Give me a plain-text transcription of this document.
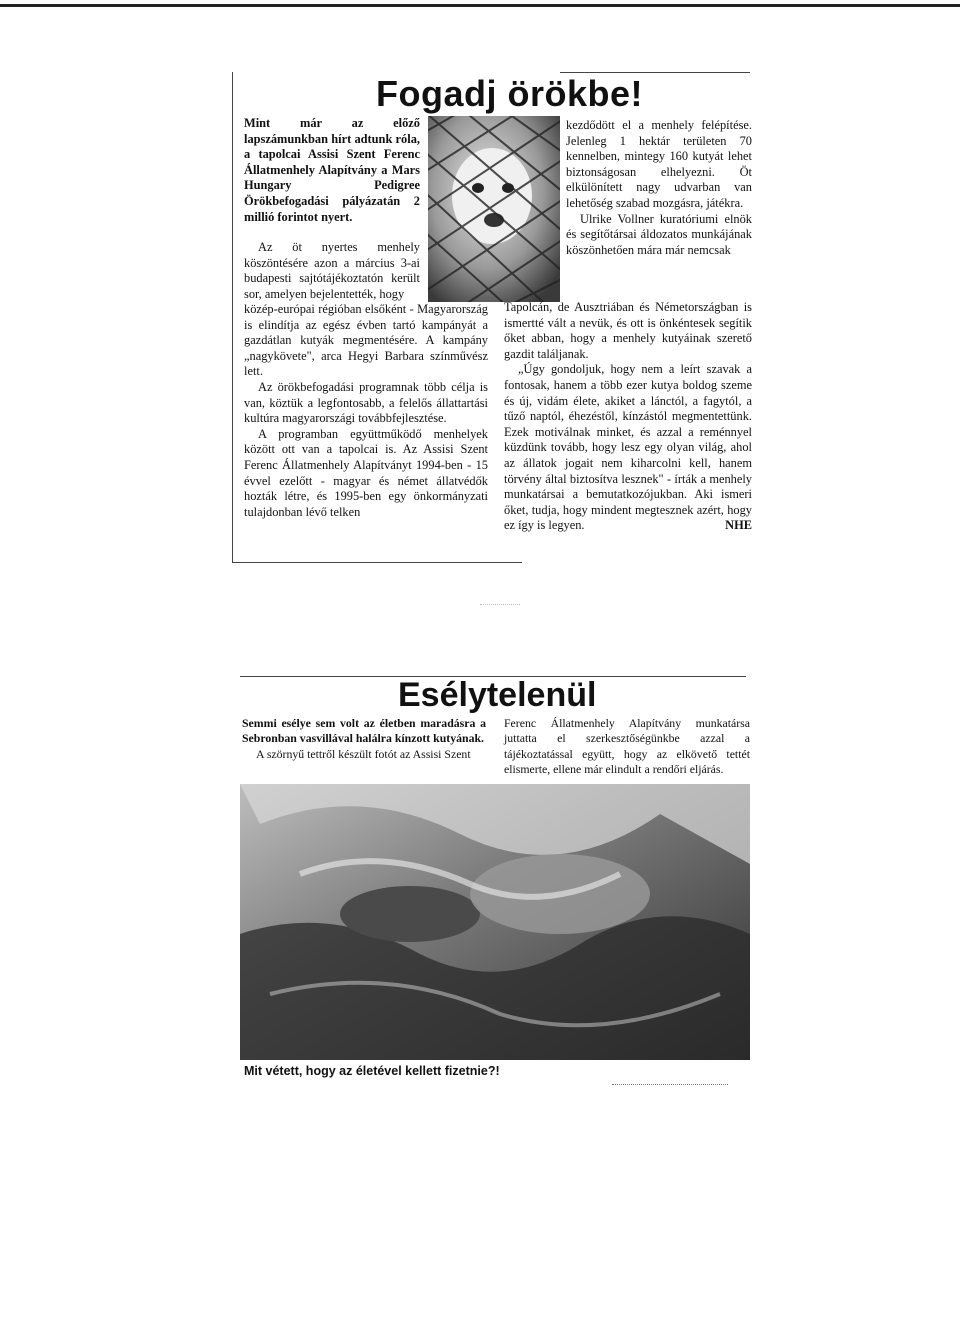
Fogadj örökbe!

Mint már az előző lapszámunkban hírt adtunk róla, a tapolcai Assisi Szent Ferenc Állatmenhely Alapítvány a Mars Hungary Pedigree Örökbefogadási pályázatán 2 millió forintot nyert.

Az öt nyertes menhely köszöntésére azon a március 3-ai budapesti sajtótájékoztatón került sor, amelyen bejelentették, hogy

közép-európai régióban elsőként - Magyarország is elindítja az egész évben tartó kampányát a gazdátlan kutyák megmentésére. A kampány „nagykövete", arca Hegyi Barbara színművész lett.

Az örökbefogadási programnak több célja is van, köztük a legfontosabb, a felelős állattartási kultúra magyarországi továbbfejlesztése.

A programban együttműködő menhelyek között ott van a tapolcai is. Az Assisi Szent Ferenc Állatmenhely Alapítványt 1994-ben - 15 évvel ezelőtt - magyar és német állatvédők hozták létre, és 1995-ben egy önkormányzati tulajdonban lévő telken

kezdődött el a menhely felépítése. Jelenleg 1 hektár területen 70 kennelben, mintegy 160 kutyát lehet biztonságosan elhelyezni. Öt elkülönített nagy udvarban van lehetőség szabad mozgásra, játékra.

Ulrike Vollner kuratóriumi elnök és segítőtársai áldozatos munkájának köszönhetően mára már nemcsak

Tapolcán, de Ausztriában és Németországban is ismertté vált a nevük, és ott is önkéntesek segítik őket abban, hogy a menhely kutyáinak szerető gazdit találjanak.

„Úgy gondoljuk, hogy nem a leírt szavak a fontosak, hanem a több ezer kutya boldog szeme és új, vidám élete, akiket a lánctól, a fagytól, a tűző naptól, éhezéstől, kínzástól megmentettünk. Ezek motiválnak minket, és azzal a reménnyel küzdünk tovább, hogy lesz egy olyan világ, ahol az állatok jogait nem kiharcolni kell, hanem törvény által biztosítva lesznek" - írták a menhely munkatársai a bemutatkozójukban. Aki ismeri őket, tudja, hogy mindent megtesznek azért, hogy ez így is legyen.	NHE

Esélytelenül

Semmi esélye sem volt az életben maradásra a Sebronban vasvillával halálra kínzott kutyának.

A szörnyű tettről készült fotót az Assisi Szent

Ferenc Állatmenhely Alapítvány munkatársa juttatta el szerkesztőségünkbe azzal a tájékoztatással együtt, hogy az elkövető tettét elismerte, ellene már elindult a rendőri eljárás.

Mit vétett, hogy az életével kellett fizetnie?!
